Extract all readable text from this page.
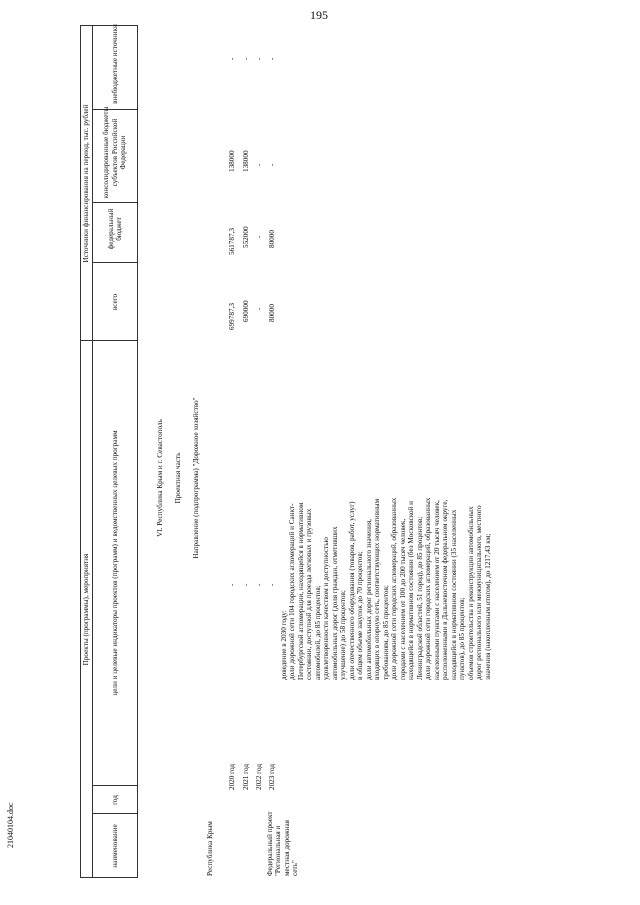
195
21040104.doc
Проекты (программы), мероприятия
Источники финансирования на период, тыс. рублей
наименование
год
цели и целевые индикаторы проектов (программ) и ведомственных целевых программ
всего
федеральный бюджет
консолидированные бюджеты субъектов Российской Федерации
внебюджетные источники
VI. Республика Крым и г. Севастополь Проектная часть Направление (подпрограмма) "Дорожное хозяйство"
Республика Крым	Федеральный проект "Региональная и местная дорожная сеть"
2020 год 2021 год 2022 год 2023 год
- - - -
699787,3 690000 - 80000
561787,3 552000 - 80000
138000 138000 - -
- - - -
доведение в 2030 году: доли дорожной сети 104 городских агломераций и Санкт- Петербургской агломерации, находящейся в нормативном состоянии, доступной для проезда легковых и грузовых автомобилей, до 85 процентов; удовлетворенности качеством и доступностью автомобильных дорог (доля граждан, отметивших улучшение) до 58 процентов; доли отечественного оборудования (товаров, работ, услуг) в общем объеме закупок до 70 процентов; доли автомобильных дорог регионального значения, входящих в опорную сеть, соответствующих нормативным требованиям, до 85 процентов; доли дорожной сети городских агломераций, образованных городами с населением от 100 до 200 тысяч человек, находящейся в нормативном состоянии (без Московской и Ленинградской областей, 51 город), до 85 процентов; доли дорожной сети городских агломераций, образованных населенными пунктами с населением от 20 тысяч человек, расположенными в Дальневосточном федеральном округе, находящейся в нормативном состоянии (35 населенных пунктов), до 85 процентов; объемов строительства и реконструкции автомобильных дорог регионального или межмуниципального, местного значения (накопленным итогом), до 1217,43 км;
